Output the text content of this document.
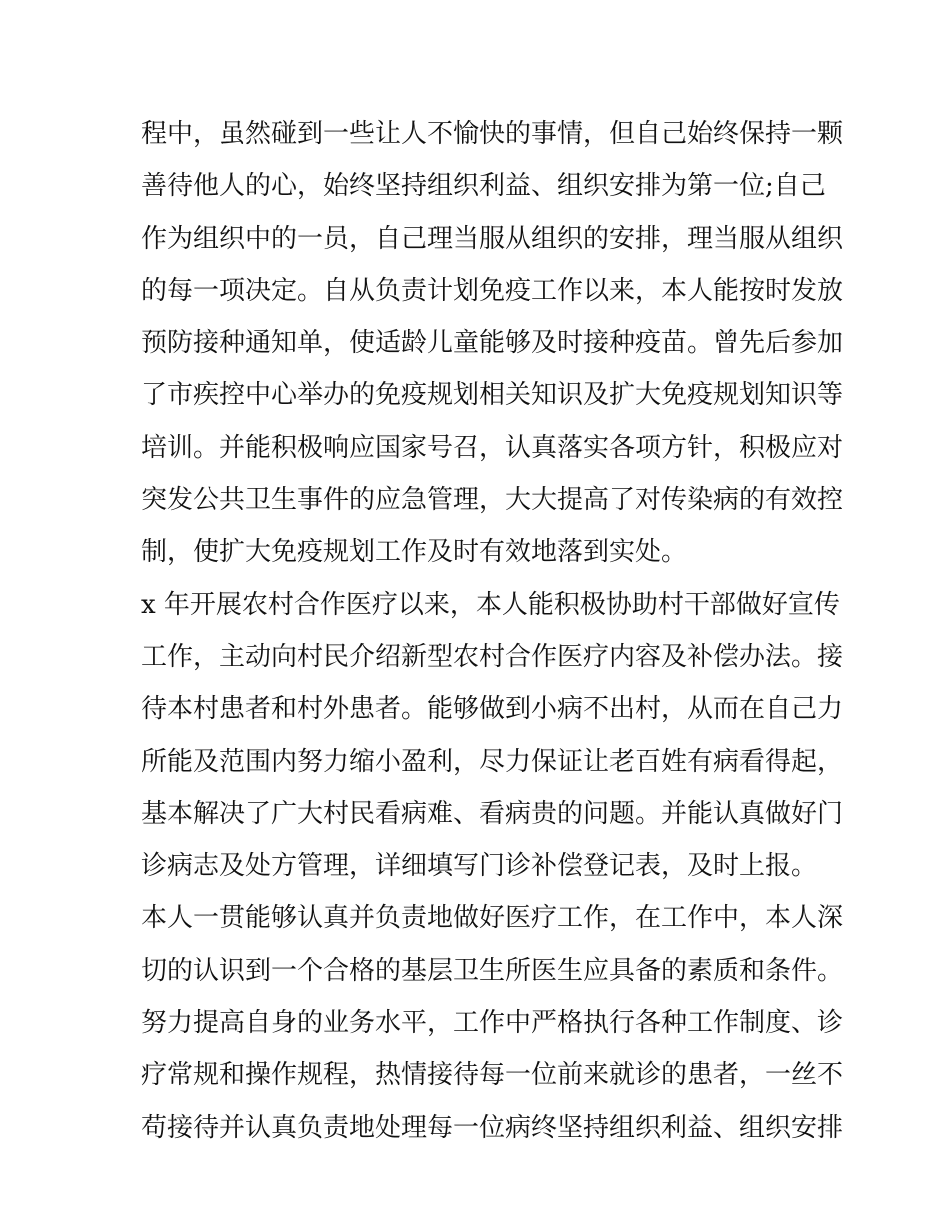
程中，虽然碰到一些让人不愉快的事情，但自己始终保持一颗
善待他人的心，始终坚持组织利益、组织安排为第一位;自己
作为组织中的一员，自己理当服从组织的安排，理当服从组织
的每一项决定。自从负责计划免疫工作以来，本人能按时发放
预防接种通知单，使适龄儿童能够及时接种疫苗。曾先后参加
了市疾控中心举办的免疫规划相关知识及扩大免疫规划知识等
培训。并能积极响应国家号召，认真落实各项方针，积极应对
突发公共卫生事件的应急管理，大大提高了对传染病的有效控
制，使扩大免疫规划工作及时有效地落到实处。
x 年开展农村合作医疗以来，本人能积极协助村干部做好宣传
工作，主动向村民介绍新型农村合作医疗内容及补偿办法。接
待本村患者和村外患者。能够做到小病不出村，从而在自己力
所能及范围内努力缩小盈利，尽力保证让老百姓有病看得起，
基本解决了广大村民看病难、看病贵的问题。并能认真做好门
诊病志及处方管理，详细填写门诊补偿登记表，及时上报。
本人一贯能够认真并负责地做好医疗工作，在工作中，本人深
切的认识到一个合格的基层卫生所医生应具备的素质和条件。
努力提高自身的业务水平，工作中严格执行各种工作制度、诊
疗常规和操作规程，热情接待每一位前来就诊的患者，一丝不
苟接待并认真负责地处理每一位病终坚持组织利益、组织安排
